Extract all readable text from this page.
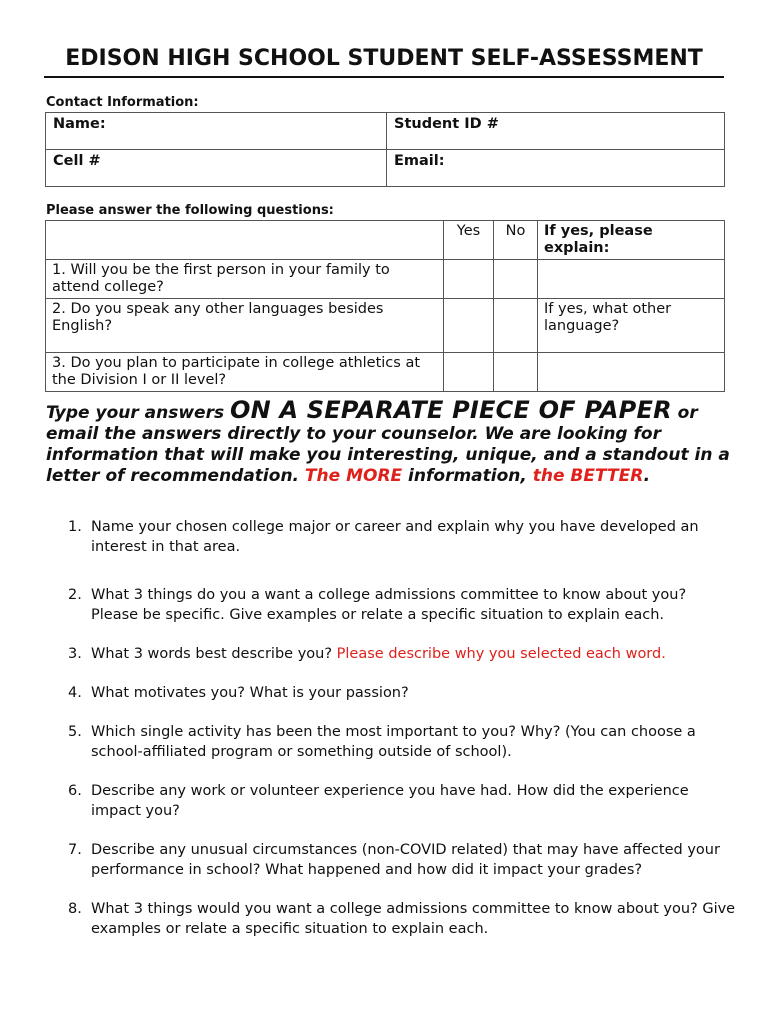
EDISON HIGH SCHOOL STUDENT SELF-ASSESSMENT
Contact Information:
Name:	Student ID #
Cell #	Email:
Please answer the following questions:
	Yes	No	If yes, please explain:
1. Will you be the first person in your family to attend college?			
2. Do you speak any other languages besides English?			If yes, what other language?
3. Do you plan to participate in college athletics at the Division I or II level?			
Type your answers ON A SEPARATE PIECE OF PAPER or email the answers directly to your counselor. We are looking for information that will make you interesting, unique, and a standout in a letter of recommendation. The MORE information, the BETTER.
1. Name your chosen college major or career and explain why you have developed an interest in that area.
2. What 3 things do you a want a college admissions committee to know about you? Please be specific. Give examples or relate a specific situation to explain each.
3. What 3 words best describe you? Please describe why you selected each word.
4. What motivates you? What is your passion?
5. Which single activity has been the most important to you? Why? (You can choose a school-affiliated program or something outside of school).
6. Describe any work or volunteer experience you have had. How did the experience impact you?
7. Describe any unusual circumstances (non-COVID related) that may have affected your performance in school? What happened and how did it impact your grades?
8. What 3 things would you want a college admissions committee to know about you? Give examples or relate a specific situation to explain each.
